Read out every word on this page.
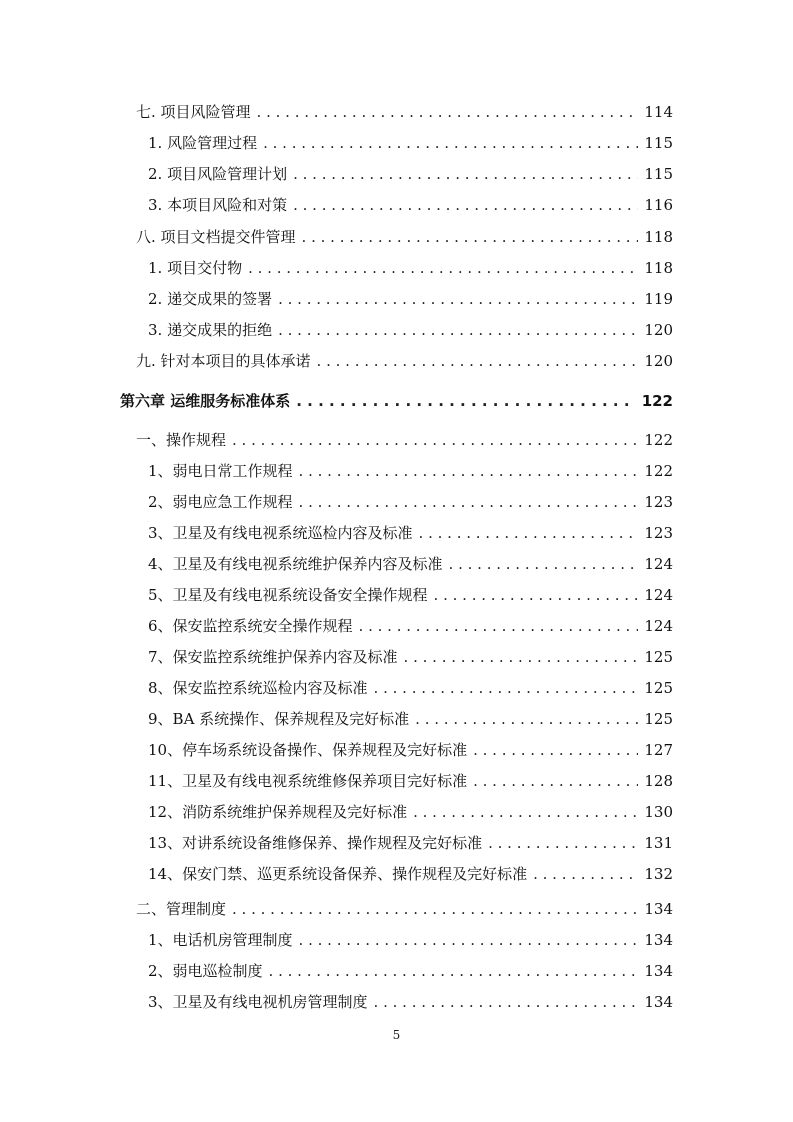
七. 项目风险管理 . . .	114
1. 风险管理过程 . . .	115
2. 项目风险管理计划 . . .	115
3. 本项目风险和对策 . . .	116
八. 项目文档提交件管理 . . .	118
1. 项目交付物 . . .	118
2. 递交成果的签署 . . .	119
3. 递交成果的拒绝 . . .	120
九. 针对本项目的具体承诺 . . .	120
第六章 运维服务标准体系 . . .	122
一、操作规程 . . .	122
1、弱电日常工作规程 . . .	122
2、弱电应急工作规程 . . .	123
3、卫星及有线电视系统巡检内容及标准 . . .	123
4、卫星及有线电视系统维护保养内容及标准 . . .	124
5、卫星及有线电视系统设备安全操作规程 . . .	124
6、保安监控系统安全操作规程 . . .	124
7、保安监控系统维护保养内容及标准 . . .	125
8、保安监控系统巡检内容及标准 . . .	125
9、BA 系统操作、保养规程及完好标准 . . .	125
10、停车场系统设备操作、保养规程及完好标准 . . .	127
11、卫星及有线电视系统维修保养项目完好标准 . . .	128
12、消防系统维护保养规程及完好标准 . . .	130
13、对讲系统设备维修保养、操作规程及完好标准 . . .	131
14、保安门禁、巡更系统设备保养、操作规程及完好标准 . . .	132
二、管理制度 . . .	134
1、电话机房管理制度 . . .	134
2、弱电巡检制度 . . .	134
3、卫星及有线电视机房管理制度 . . .	134
5
